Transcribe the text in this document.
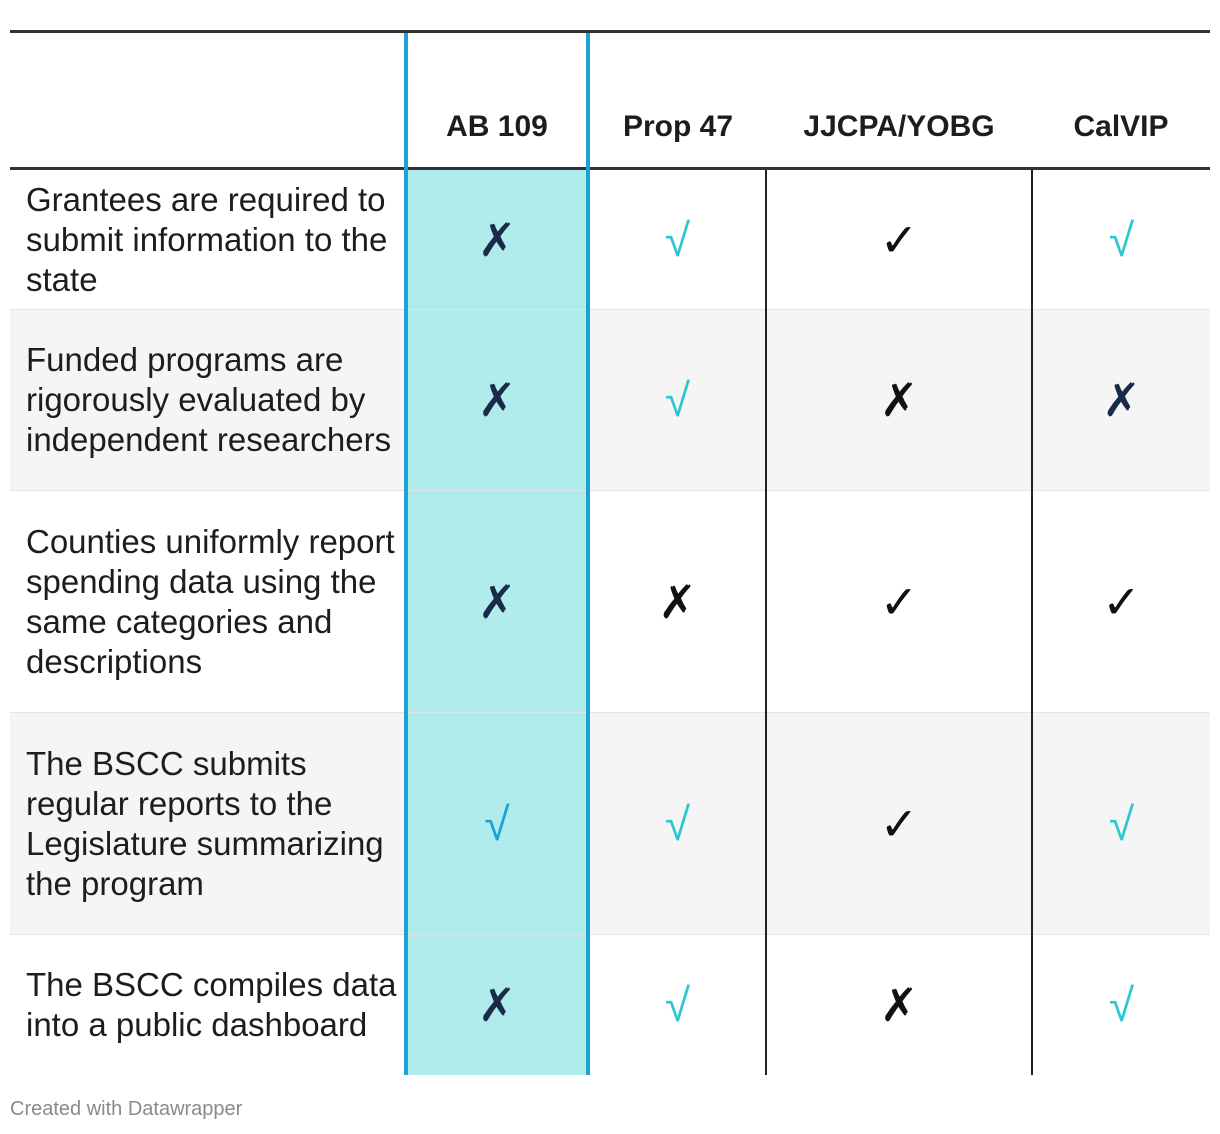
	AB 109	Prop 47	JJCPA/YOBG	CalVIP
Grantees are required to submit information to the state	✗	√	✓	√
Funded programs are rigorously evaluated by independent researchers	✗	√	✗	✗
Counties uniformly report spending data using the same categories and descriptions	✗	✗	✓	✓
The BSCC submits regular reports to the Legislature summarizing the program	√	√	✓	√
The BSCC compiles data into a public dashboard	✗	√	✗	√
Created with Datawrapper
